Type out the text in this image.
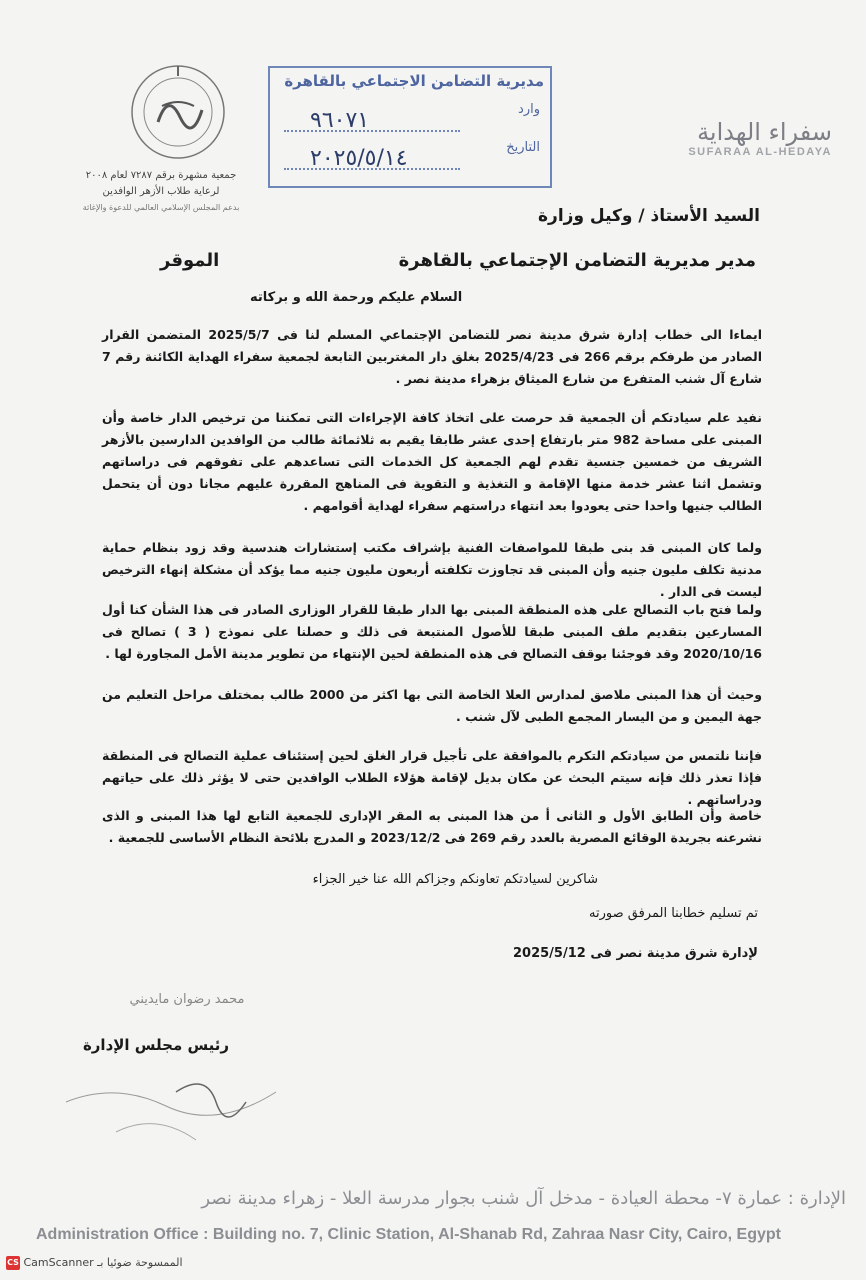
جمعية مشهرة برقم ٧٢٨٧ لعام ٢٠٠٨
لرعاية طلاب الأزهر الوافدين
بدعم المجلس الإسلامي العالمي للدعوة والإغاثة
مديرية التضامن الاجتماعي بالقاهرة
وارد
٩٦٠٧١
التاريخ
٢٠٢٥/٥/١٤
سفراء الهداية
SUFARAA AL-HEDAYA
السيد الأستاذ / وكيل وزارة
مدير مديرية التضامن الإجتماعي بالقاهرة
الموقر
السلام عليكم ورحمة الله و بركاته
ايماءا الى خطاب إدارة شرق مدينة نصر للتضامن الإجتماعي المسلم لنا فى 2025/5/7 المتضمن القرار الصادر من طرفكم برقم 266 فى 2025/4/23 بغلق دار المغتربين التابعة لجمعية سفراء الهداية الكائنة رقم 7 شارع آل شنب المتفرع من شارع الميثاق بزهراء مدينة نصر .
نفيد علم سيادتكم أن الجمعية قد حرصت على اتخاذ كافة الإجراءات التى تمكننا من ترخيص الدار خاصة وأن المبنى على مساحة 982 متر بارتفاع إحدى عشر طابقا يقيم به ثلاثمائة طالب من الوافدين الدارسين بالأزهر الشريف من خمسين جنسية تقدم لهم الجمعية كل الخدمات التى تساعدهم على تفوقهم فى دراساتهم وتشمل اثنا عشر خدمة منها الإقامة و التغذية و التقوية فى المناهج المقررة عليهم مجانا دون أن يتحمل الطالب جنيها واحدا حتى يعودوا بعد انتهاء دراستهم سفراء لهداية أقوامهم .
ولما كان المبنى قد بنى طبقا للمواصفات الفنية بإشراف مكتب إستشارات هندسية وقد زود بنظام حماية مدنية تكلف مليون جنيه وأن المبنى قد تجاوزت تكلفته أربعون مليون جنيه مما يؤكد أن مشكلة إنهاء الترخيص ليست فى الدار .
ولما فتح باب التصالح على هذه المنطقة المبنى بها الدار طبقا للقرار الوزارى الصادر فى هذا الشأن كنا أول المسارعين بتقديم ملف المبنى طبقا للأصول المنتبعة فى ذلك و حصلنا على نموذج ( 3 ) تصالح فى 2020/10/16 وقد فوجئنا بوقف التصالح فى هذه المنطقة لحين الإنتهاء من تطوير مدينة الأمل المجاورة لها .
وحيث أن هذا المبنى ملاصق لمدارس العلا الخاصة التى بها اكثر من 2000 طالب بمختلف مراحل التعليم من جهة اليمين و من اليسار المجمع الطبى لآل شنب .
فإننا نلتمس من سيادتكم التكرم بالموافقة على تأجيل قرار الغلق لحين إستئناف عملية التصالح فى المنطقة فإذا تعذر ذلك فإنه سيتم البحث عن مكان بديل لإقامة هؤلاء الطلاب الوافدين حتى لا يؤثر ذلك على حياتهم ودراساتهم .
خاصة وأن الطابق الأول و الثانى أ من هذا المبنى به المقر الإدارى للجمعية التابع لها هذا المبنى و الذى نشرعنه بجريدة الوقائع المصرية بالعدد رقم 269 فى 2023/12/2 و المدرج بلائحة النظام الأساسى للجمعية .
شاكرين لسيادتكم تعاونكم وجزاكم الله عنا خير الجزاء
تم تسليم خطابنا المرفق صورته
لإدارة شرق مدينة نصر فى 2025/5/12
محمد رضوان مايديني
رئيس مجلس الإدارة
الإدارة : عمارة ٧- محطة العيادة - مدخل آل شنب بجوار مدرسة العلا - زهراء مدينة نصر
Administration Office : Building no. 7, Clinic Station, Al-Shanab Rd, Zahraa Nasr City, Cairo, Egypt
CS CamScanner الممسوحة ضوئيا بـ
